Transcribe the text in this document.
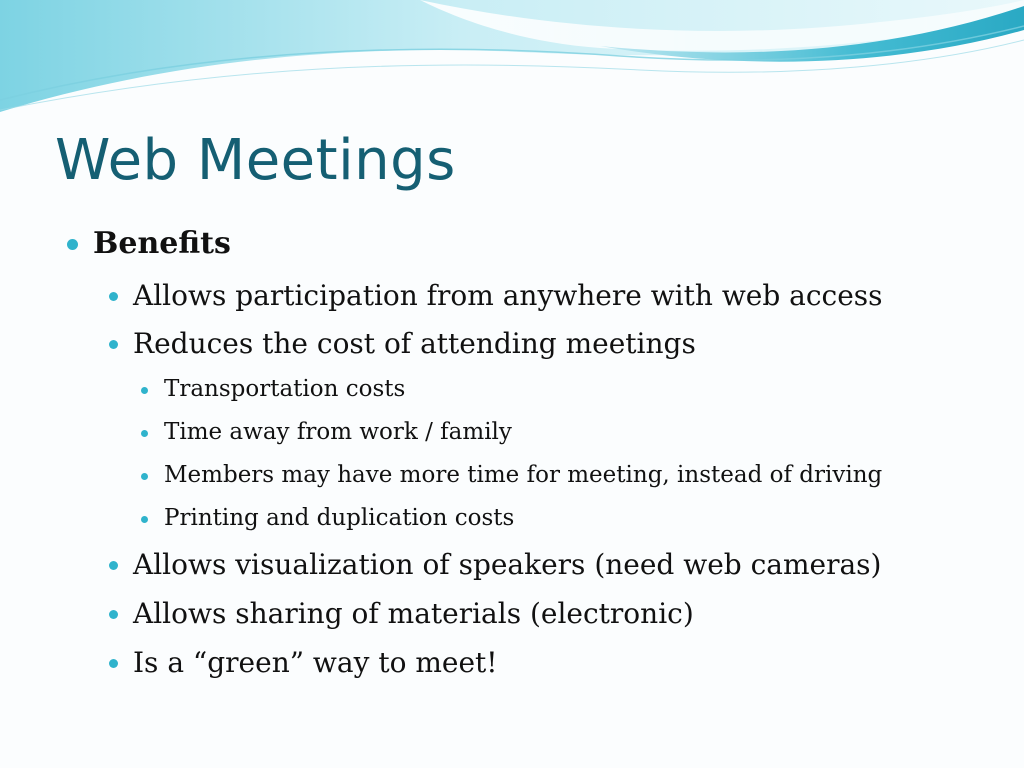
Web Meetings
Benefits
Allows participation from anywhere with web access
Reduces the cost of attending meetings
Transportation costs
Time away from work / family
Members may have more time for meeting, instead of driving
Printing and duplication costs
Allows visualization of speakers (need web cameras)
Allows sharing of materials (electronic)
Is a “green” way to meet!
